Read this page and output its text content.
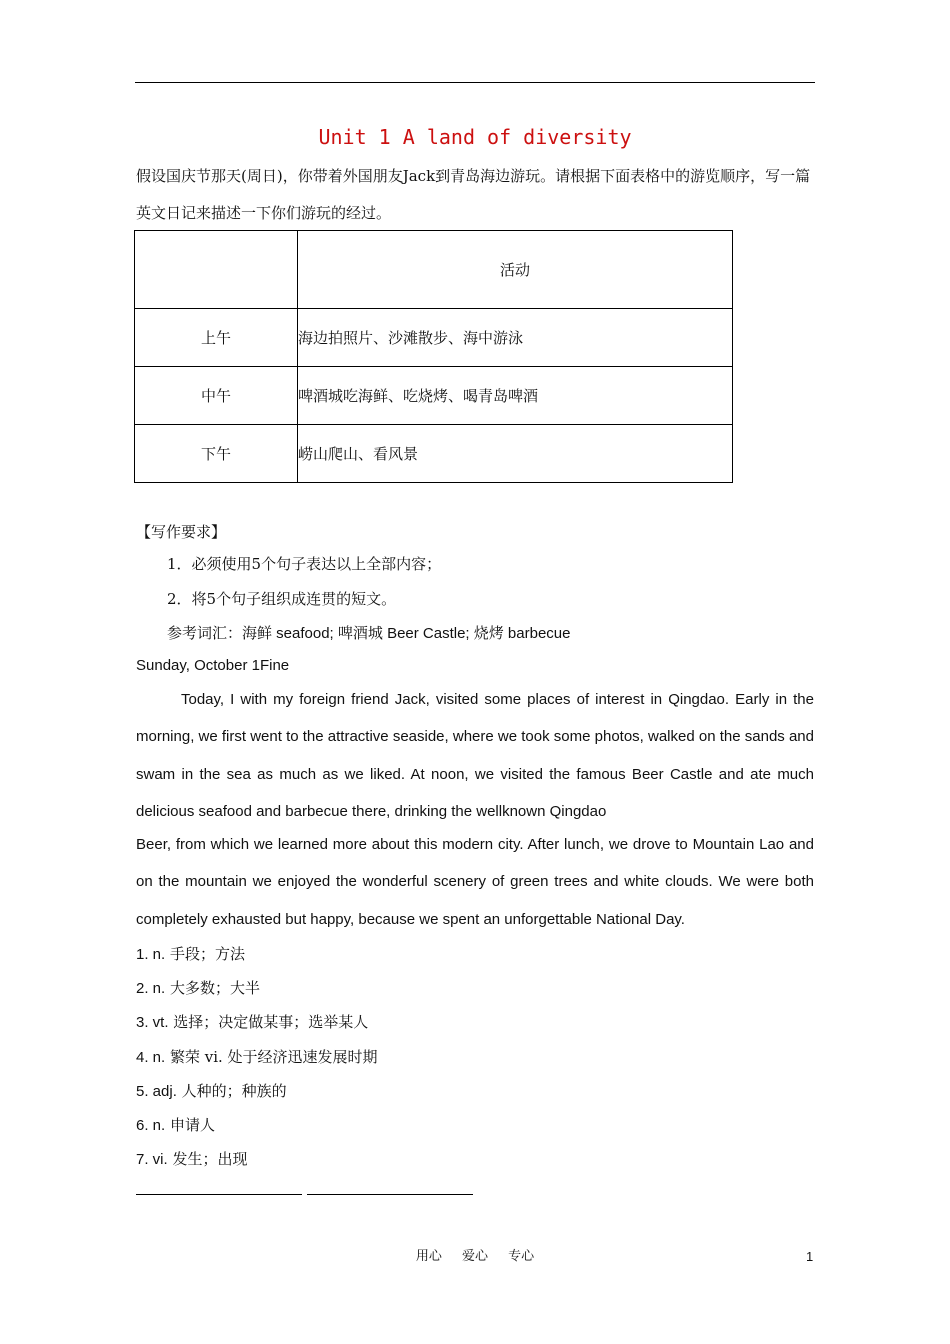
Unit 1 A land of diversity
假设国庆节那天(周日)，你带着外国朋友Jack到青岛海边游玩。请根据下面表格中的游览顺序，写一篇英文日记来描述一下你们游玩的经过。
	活动
上午	海边拍照片、沙滩散步、海中游泳
中午	啤酒城吃海鲜、吃烧烤、喝青岛啤酒
下午	崂山爬山、看风景
【写作要求】
1．必须使用5个句子表达以上全部内容；
2．将5个句子组织成连贯的短文。
参考词汇：海鲜 seafood; 啤酒城 Beer Castle; 烧烤 barbecue
Sunday, October 1Fine

Today, I with my foreign friend Jack, visited some places of interest in Qingdao. Early in the morning, we first went to the attractive seaside, where we took some photos, walked on the sands and swam in the sea as much as we liked. At noon, we visited the famous Beer Castle and ate much delicious seafood and barbecue there, drinking the wellknown Qingdao

Beer, from which we learned more about this modern city. After lunch, we drove to Mountain Lao and on the mountain we enjoyed the wonderful scenery of green trees and white clouds. We were both completely exhausted but happy, because we spent an unforgettable National Day.

1. n. 手段；方法
2. n. 大多数；大半
3. vt. 选择；决定做某事；选举某人
4. n. 繁荣 vi. 处于经济迅速发展时期
5. adj. 人种的；种族的
6. n. 申请人
7. vi. 发生；出现
用心 爱心 专心	1
